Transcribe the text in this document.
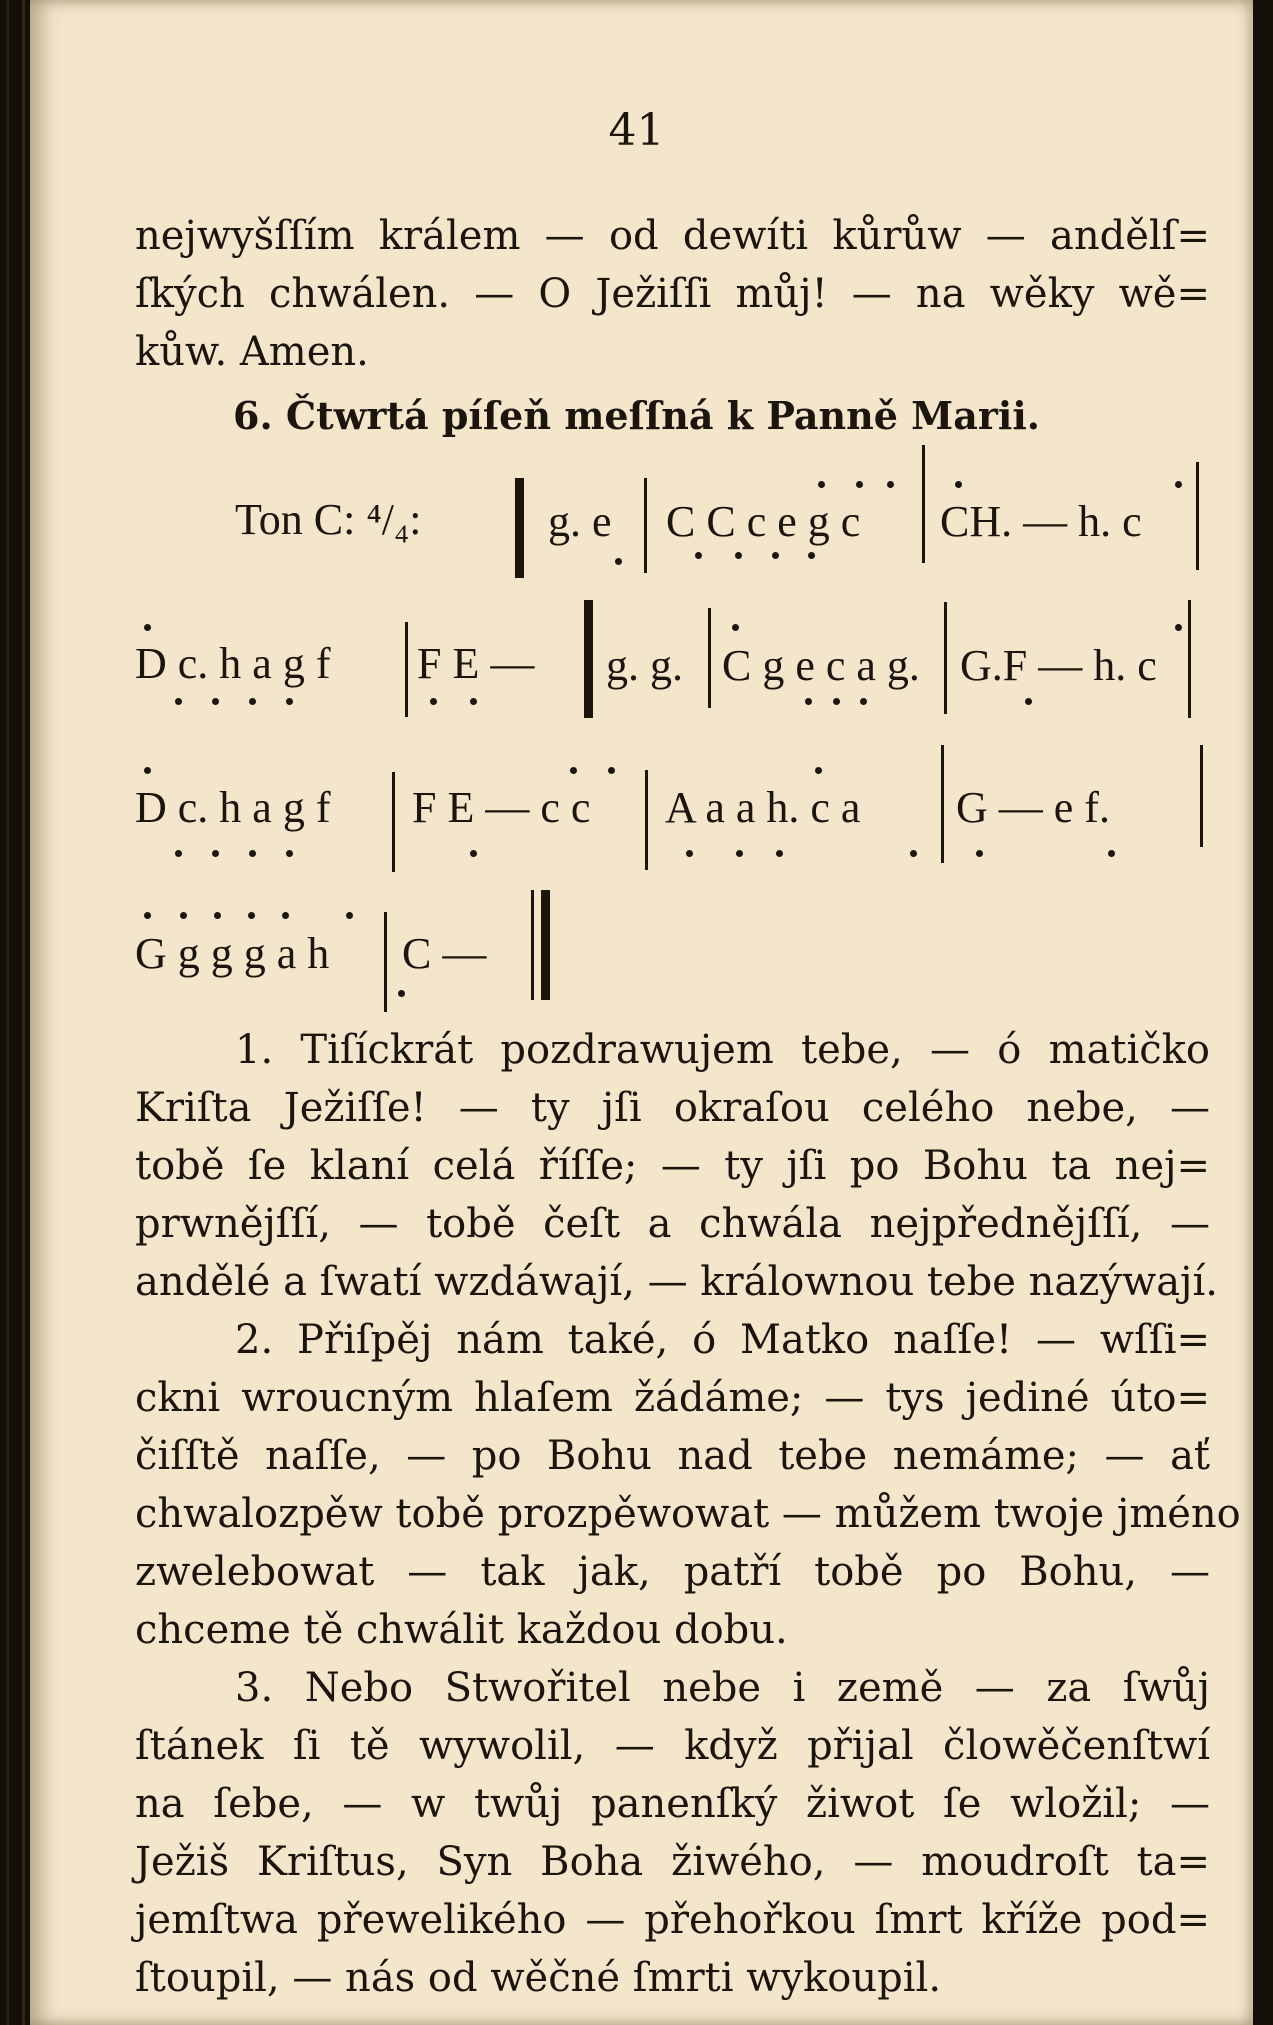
41
nejwyšſſím králem — od dewíti kůrůw — andělſ=
ſkých chwálen. — O Ježiſſi můj! — na wěky wě=
kůw. Amen.
6. Čtwrtá píſeň meſſná k Panně Marii.
Ton C: ⁴/₄:	g. e C C c e g c CH. — h. c
D c. h a g f F E — g. g. C g e c a g. G.F — h. c
D c. h a g f F E — c c A a a h. c a G — e f.
G g g g a h C —
1. Tiſíckrát pozdrawujem tebe, — ó matičko
Kriſta Ježiſſe! — ty jſi okraſou celého nebe, —
tobě ſe klaní celá říſſe; — ty jſi po Bohu ta nej=
prwnějſſí, — tobě čeſt a chwála nejpřednějſſí, —
andělé a ſwatí wzdáwají, — králownou tebe nazýwají.
2. Přiſpěj nám také, ó Matko naſſe! — wſſi=
ckni wroucným hlaſem žádáme; — tys jediné úto=
čiſſtě naſſe, — po Bohu nad tebe nemáme; — ať
chwalozpěw tobě prozpěwowat — můžem twoje jméno
zwelebowat — tak jak, patří tobě po Bohu, —
chceme tě chwálit každou dobu.
3. Nebo Stwořitel nebe i země — za ſwůj
ſtánek ſi tě wywolil, — když přijal člowěčenſtwí
na ſebe, — w twůj panenſký žiwot ſe wložil; —
Ježiš Kriſtus, Syn Boha žiwého, — moudroſt ta=
jemſtwa přewelikého — přehořkou ſmrt kříže pod=
ſtoupil, — nás od wěčné ſmrti wykoupil.
